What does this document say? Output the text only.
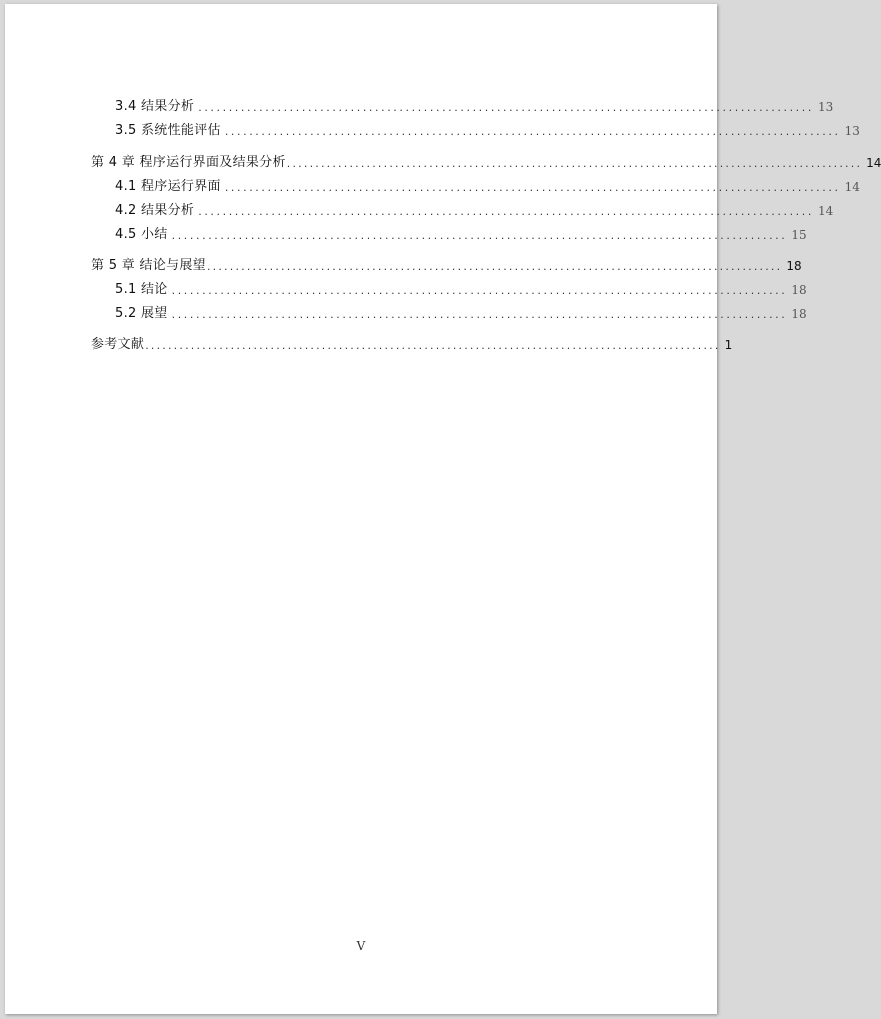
3.4 结果分析 ..................................................................................................... 13
3.5 系统性能评估 ..................................................................................................... 13
第 4 章 程序运行界面及结果分析 ..................................................................................................... 14
4.1 程序运行界面 ..................................................................................................... 14
4.2 结果分析 ..................................................................................................... 14
4.5 小结 ..................................................................................................... 15
第 5 章 结论与展望 ..................................................................................................... 18
5.1 结论 ..................................................................................................... 18
5.2 展望 ..................................................................................................... 18
参考文献 ..................................................................................................... 1
V
